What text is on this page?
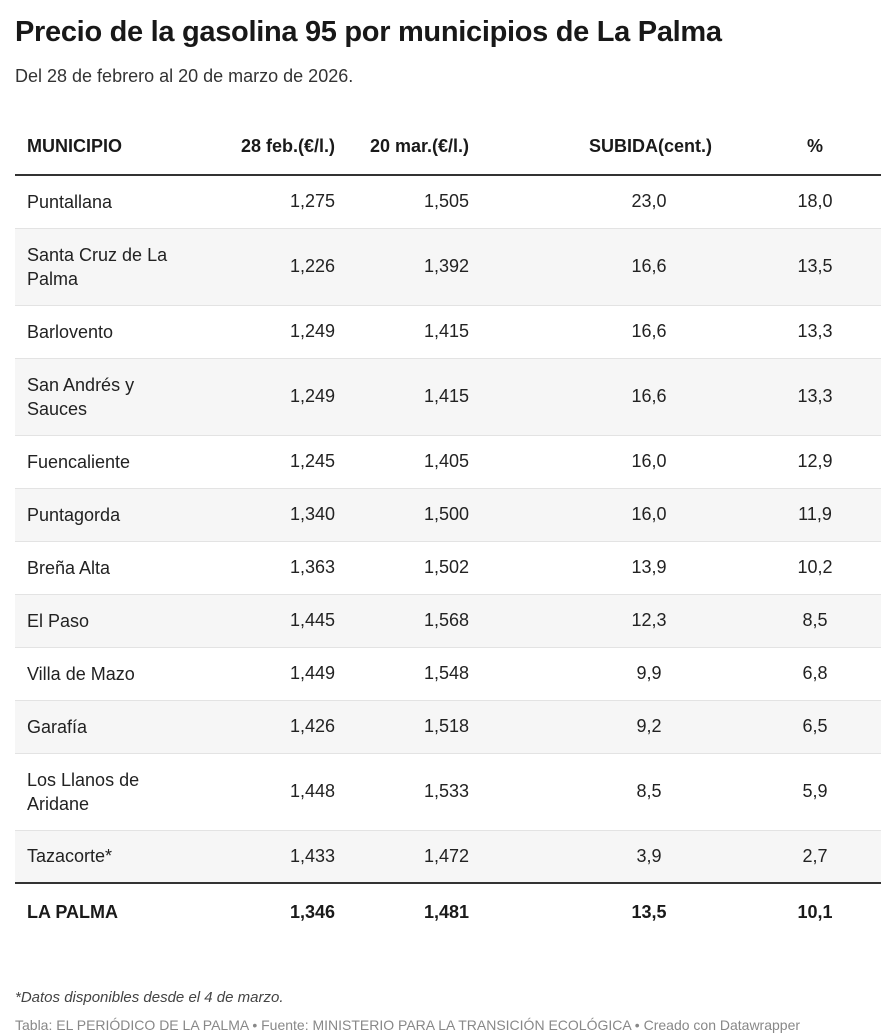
Precio de la gasolina 95 por municipios de La Palma
Del 28 de febrero al 20 de marzo de 2026.
MUNICIPIO	28 feb.(€/l.)	20 mar.(€/l.)	SUBIDA(cent.)	%
Puntallana	1,275	1,505	23,0	18,0
Santa Cruz de La Palma	1,226	1,392	16,6	13,5
Barlovento	1,249	1,415	16,6	13,3
San Andrés y Sauces	1,249	1,415	16,6	13,3
Fuencaliente	1,245	1,405	16,0	12,9
Puntagorda	1,340	1,500	16,0	11,9
Breña Alta	1,363	1,502	13,9	10,2
El Paso	1,445	1,568	12,3	8,5
Villa de Mazo	1,449	1,548	9,9	6,8
Garafía	1,426	1,518	9,2	6,5
Los Llanos de Aridane	1,448	1,533	8,5	5,9
Tazacorte*	1,433	1,472	3,9	2,7
LA PALMA	1,346	1,481	13,5	10,1
*Datos disponibles desde el 4 de marzo.
Tabla: EL PERIÓDICO DE LA PALMA • Fuente: MINISTERIO PARA LA TRANSICIÓN ECOLÓGICA • Creado con Datawrapper
